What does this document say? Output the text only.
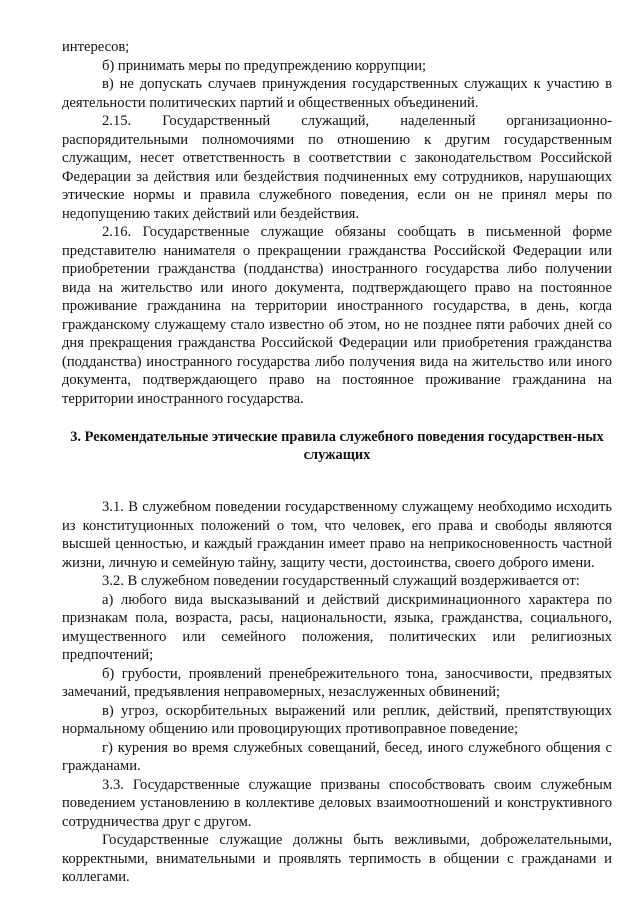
интересов;

б) принимать меры по предупреждению коррупции;

в) не допускать случаев принуждения государственных служащих к участию в деятельности политических партий и общественных объединений.

2.15. Государственный служащий, наделенный организационно-распорядительными полномочиями по отношению к другим государственным служащим, несет ответственность в соответствии с законодательством Российской Федерации за действия или бездействия подчиненных ему сотрудников, нарушающих этические нормы и правила служебного поведения, если он не принял меры по недопущению таких действий или бездействия.

2.16. Государственные служащие обязаны сообщать в письменной форме представителю нанимателя о прекращении гражданства Российской Федерации или приобретении гражданства (подданства) иностранного государства либо получении вида на жительство или иного документа, подтверждающего право на постоянное проживание гражданина на территории иностранного государства, в день, когда гражданскому служащему стало известно об этом, но не позднее пяти рабочих дней со дня прекращения гражданства Российской Федерации или приобретения гражданства (подданства) иностранного государства либо получения вида на жительство или иного документа, подтверждающего право на постоянное проживание гражданина на территории иностранного государства.

3. Рекомендательные этические правила служебного поведения государствен-ных служащих

3.1. В служебном поведении государственному служащему необходимо исходить из конституционных положений о том, что человек, его права и свободы являются высшей ценностью, и каждый гражданин имеет право на неприкосновенность частной жизни, личную и семейную тайну, защиту чести, достоинства, своего доброго имени.

3.2. В служебном поведении государственный служащий воздерживается от:

а) любого вида высказываний и действий дискриминационного характера по признакам пола, возраста, расы, национальности, языка, гражданства, социального, имущественного или семейного положения, политических или религиозных предпочтений;

б) грубости, проявлений пренебрежительного тона, заносчивости, предвзятых замечаний, предъявления неправомерных, незаслуженных обвинений;

в) угроз, оскорбительных выражений или реплик, действий, препятствующих нормальному общению или провоцирующих противоправное поведение;

г) курения во время служебных совещаний, бесед, иного служебного общения с гражданами.

3.3. Государственные служащие призваны способствовать своим служебным поведением установлению в коллективе деловых взаимоотношений и конструктивного сотрудничества друг с другом.

Государственные служащие должны быть вежливыми, доброжелательными, корректными, внимательными и проявлять терпимость в общении с гражданами и коллегами.
